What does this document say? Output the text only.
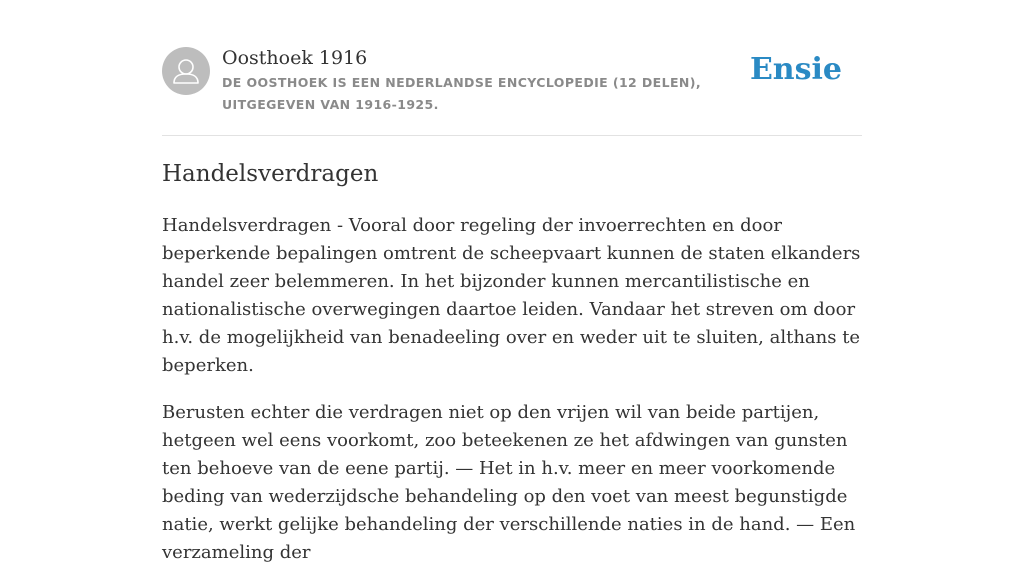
Oosthoek 1916
DE OOSTHOEK IS EEN NEDERLANDSE ENCYCLOPEDIE (12 DELEN), UITGEGEVEN VAN 1916-1925.
Ensie
Handelsverdragen

Handelsverdragen - Vooral door regeling der invoerrechten en door beperkende bepalingen omtrent de scheepvaart kunnen de staten elkanders handel zeer belemmeren. In het bijzonder kunnen mercantilistische en nationalistische overwegingen daartoe leiden. Vandaar het streven om door h.v. de mogelijkheid van benadeeling over en weder uit te sluiten, althans te beperken.

Berusten echter die verdragen niet op den vrijen wil van beide partijen, hetgeen wel eens voorkomt, zoo beteekenen ze het afdwingen van gunsten ten behoeve van de eene partij. — Het in h.v. meer en meer voorkomende beding van wederzijdsche behandeling op den voet van meest begunstigde natie, werkt gelijke behandeling der verschillende naties in de hand. — Een verzameling der
